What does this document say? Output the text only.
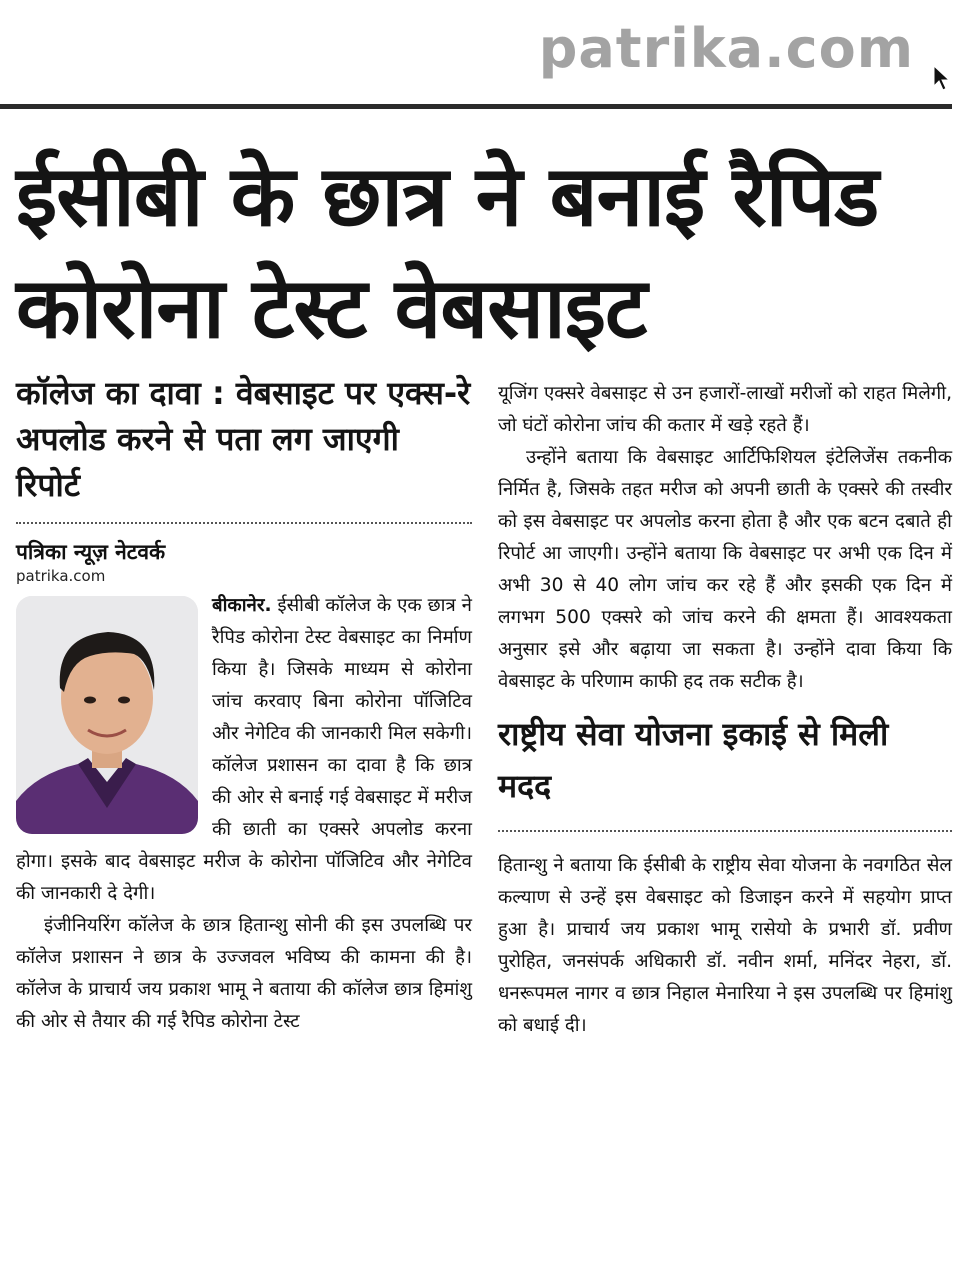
patrika.com
ईसीबी के छात्र ने बनाई रैपिड कोरोना टेस्ट वेबसाइट
कॉलेज का दावा : वेबसाइट पर एक्स-रे अपलोड करने से पता लग जाएगी रिपोर्ट
पत्रिका न्यूज़ नेटवर्क
patrika.com

बीकानेर. ईसीबी कॉलेज के एक छात्र ने रैपिड कोरोना टेस्ट वेबसाइट का निर्माण किया है। जिसके माध्यम से कोरोना जांच करवाए बिना कोरोना पॉजिटिव और नेगेटिव की जानकारी मिल सकेगी। कॉलेज प्रशासन का दावा है कि छात्र की ओर से बनाई गई वेबसाइट में मरीज की छाती का एक्सरे अपलोड करना होगा। इसके बाद वेबसाइट मरीज के कोरोना पॉजिटिव और नेगेटिव की जानकारी दे देगी।

इंजीनियरिंग कॉलेज के छात्र हितान्शु सोनी की इस उपलब्धि पर कॉलेज प्रशासन ने छात्र के उज्जवल भविष्य की कामना की है। कॉलेज के प्राचार्य जय प्रकाश भामू ने बताया की कॉलेज छात्र हिमांशु की ओर से तैयार की गई रैपिड कोरोना टेस्ट

यूजिंग एक्सरे वेबसाइट से उन हजारों-लाखों मरीजों को राहत मिलेगी, जो घंटों कोरोना जांच की कतार में खड़े रहते हैं।

उन्होंने बताया कि वेबसाइट आर्टिफिशियल इंटेलिजेंस तकनीक निर्मित है, जिसके तहत मरीज को अपनी छाती के एक्सरे की तस्वीर को इस वेबसाइट पर अपलोड करना होता है और एक बटन दबाते ही रिपोर्ट आ जाएगी। उन्होंने बताया कि वेबसाइट पर अभी एक दिन में अभी 30 से 40 लोग जांच कर रहे हैं और इसकी एक दिन में लगभग 500 एक्सरे को जांच करने की क्षमता हैं। आवश्यकता अनुसार इसे और बढ़ाया जा सकता है। उन्होंने दावा किया कि वेबसाइट के परिणाम काफी हद तक सटीक है।

राष्ट्रीय सेवा योजना इकाई से मिली मदद

हितान्शु ने बताया कि ईसीबी के राष्ट्रीय सेवा योजना के नवगठित सेल कल्याण से उन्हें इस वेबसाइट को डिजाइन करने में सहयोग प्राप्त हुआ है। प्राचार्य जय प्रकाश भामू रासेयो के प्रभारी डॉ. प्रवीण पुरोहित, जनसंपर्क अधिकारी डॉ. नवीन शर्मा, मनिंदर नेहरा, डॉ. धनरूपमल नागर व छात्र निहाल मेनारिया ने इस उपलब्धि पर हिमांशु को बधाई दी।
